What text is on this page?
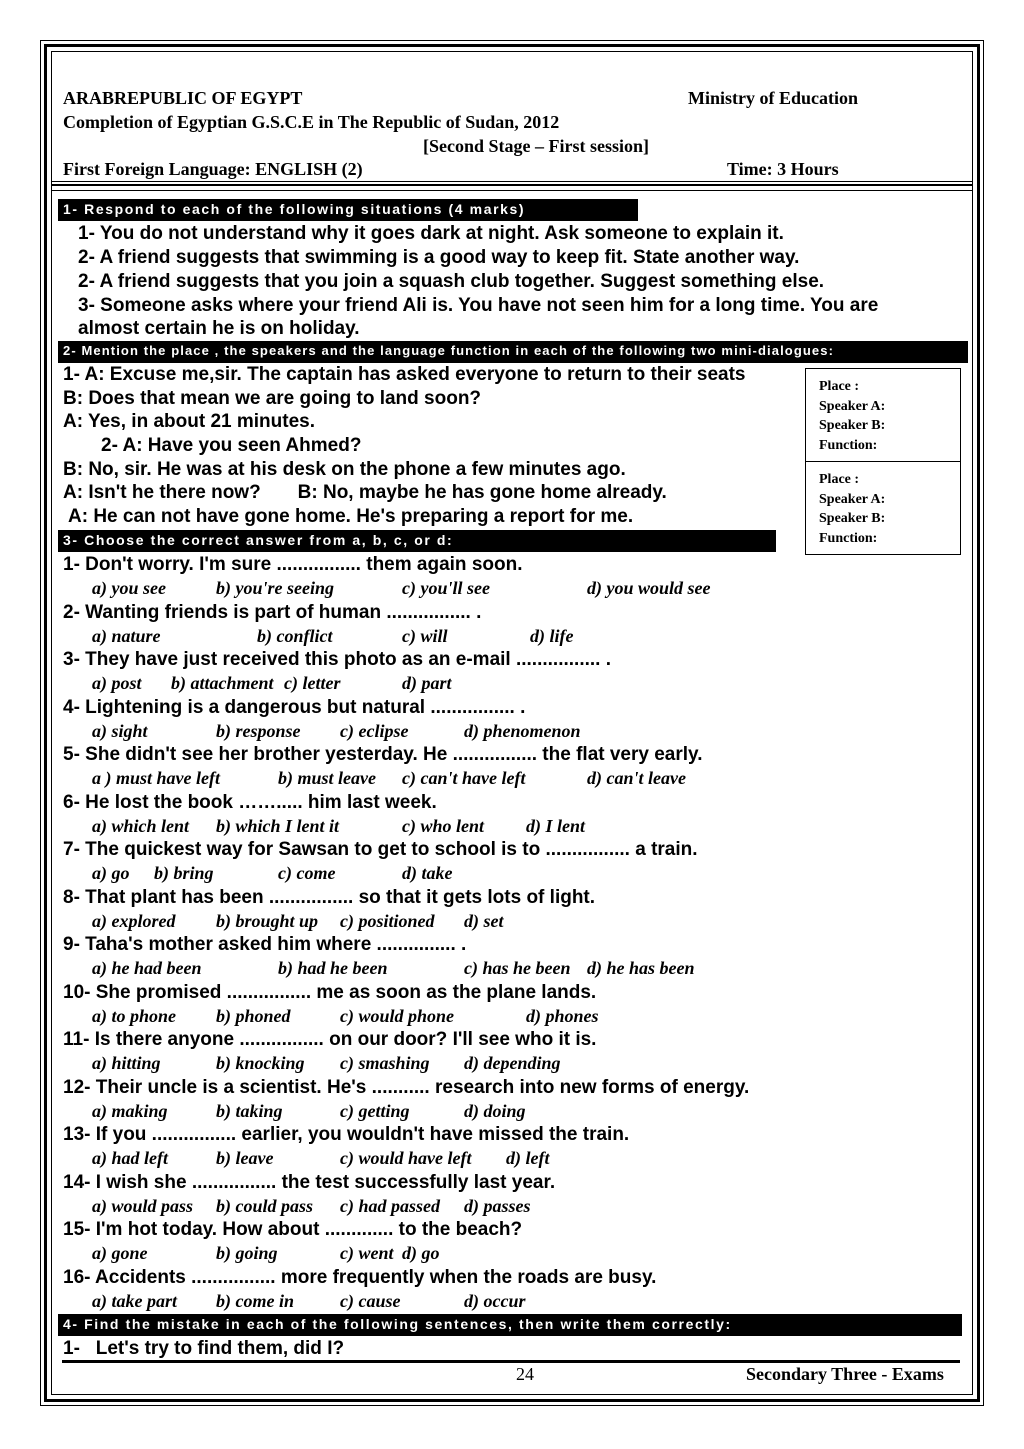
ARABREPUBLIC OF EGYPT	Ministry of Education
Completion of Egyptian G.S.C.E in The Republic of Sudan, 2012
[Second Stage – First session]
First Foreign Language: ENGLISH (2)	Time: 3 Hours
1- Respond to each of the following situations (4 marks)
1- You do not understand why it goes dark at night. Ask someone to explain it.
2- A friend suggests that swimming is a good way to keep fit. State another way.
2- A friend suggests that you join a squash club together. Suggest something else.
3- Someone asks where your friend Ali is. You have not seen him for a long time. You are
almost certain he is on holiday.
2- Mention the place , the speakers and the language function in each of the following two mini-dialogues:
1- A: Excuse me,sir. The captain has asked everyone to return to their seats
B: Does that mean we are going to land soon?
A: Yes, in about 21 minutes.
2- A: Have you seen Ahmed?
B: No, sir. He was at his desk on the phone a few minutes ago.
A: Isn't he there now?       B: No, maybe he has gone home already.
A: He can not have gone home. He's preparing a report for me.
Place :
Speaker A:
Speaker B:
Function:
Place :
Speaker A:
Speaker B:
Function:
3- Choose the correct answer from a, b, c, or d:
1- Don't worry. I'm sure ................ them again soon.
a) you see	b) you're seeing	c) you'll see	d) you would see
2- Wanting friends is part of human ................ .
a) nature	b) conflict	c) will	d) life
3- They have just received this photo as an e-mail ................ .
a) post b) attachment c) letter	d) part
4- Lightening is a dangerous but natural ................ .
a) sight	b) response c) eclipse	d) phenomenon
5- She didn't see her brother yesterday. He ................ the flat very early.
a ) must have left	b) must leave c) can't have left	d) can't leave
6- He lost the book ……..... him last week.
a) which lent b) which I lent it	c) who lent d) I lent
7- The quickest way for Sawsan to get to school is to ................ a train.
a) go b) bring	c) come	d) take
8- That plant has been ................ so that it gets lots of light.
a) explored b) brought up c) positioned d) set
9- Taha's mother asked him where ............... .
a) he had been	b) had he been	c) has he been d) he has been
10- She promised ................ me as soon as the plane lands.
a) to phone b) phoned	c) would phone	d) phones
11- Is there anyone ................ on our door? I'll see who it is.
a) hitting	b) knocking c) smashing d) depending
12- Their uncle is a scientist. He's ........... research into new forms of energy.
a) making	b) taking	c) getting	d) doing
13- If you ................ earlier, you wouldn't have missed the train.
a) had left	b) leave	c) would have left d) left
14- I wish she ................ the test successfully last year.
a) would pass b) could pass c) had passed d) passes
15- I'm hot today. How about ............. to the beach?
a) gone	b) going	c) went d) go
16- Accidents ................ more frequently when the roads are busy.
a) take part b) come in	c) cause	d) occur
4- Find the mistake in each of the following sentences, then write them correctly:
1-   Let's try to find them, did I?
24	Secondary Three - Exams
